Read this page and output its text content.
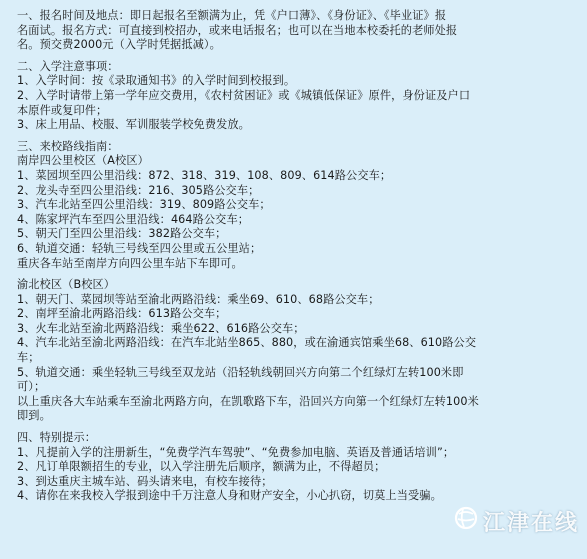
一、报名时间及地点：即日起报名至额满为止，凭《户口薄》、《身份证》、《毕业证》报
名面试。报名方式：可直接到校招办，或来电话报名；也可以在当地本校委托的老师处报
名。预交费2000元（入学时凭据抵减）。
二、入学注意事项：
1、入学时间：按《录取通知书》的入学时间到校报到。
2、入学时请带上第一学年应交费用，《农村贫困证》或《城镇低保证》原件，身份证及户口
本原件或复印件；
3、床上用品、校服、军训服装学校免费发放。
三、来校路线指南：
南岸四公里校区（A校区）
1、菜园坝至四公里沿线：872、318、319、108、809、614路公交车；
2、龙头寺至四公里沿线：216、305路公交车；
3、汽车北站至四公里沿线：319、809路公交车；
4、陈家坪汽车至四公里沿线：464路公交车；
5、朝天门至四公里沿线：382路公交车；
6、轨道交通：轻轨三号线至四公里或五公里站；
重庆各车站至南岸方向四公里车站下车即可。
渝北校区（B校区）
1、朝天门、菜园坝等站至渝北两路沿线：乘坐69、610、68路公交车；
2、南坪至渝北两路沿线：613路公交车；
3、火车北站至渝北两路沿线：乘坐622、616路公交车；
4、汽车北站至渝北两路沿线：在汽车北站坐865、880，或在渝通宾馆乘坐68、610路公交
车；
5、轨道交通：乘坐轻轨三号线至双龙站（沿轻轨线朝回兴方向第二个红绿灯左转100米即
可）；
以上重庆各大车站乘车至渝北两路方向，在凯歌路下车，沿回兴方向第一个红绿灯左转100米
即到。
四、特别提示：
1、凡提前入学的注册新生，“免费学汽车驾驶”、“免费参加电脑、英语及普通话培训”；
2、凡订单限额招生的专业，以入学注册先后顺序，额满为止，不得超员；
3、到达重庆主城车站、码头请来电，有校车接待；
4、请你在来我校入学报到途中千万注意人身和财产安全，小心扒窃，切莫上当受骗。
江津在线
